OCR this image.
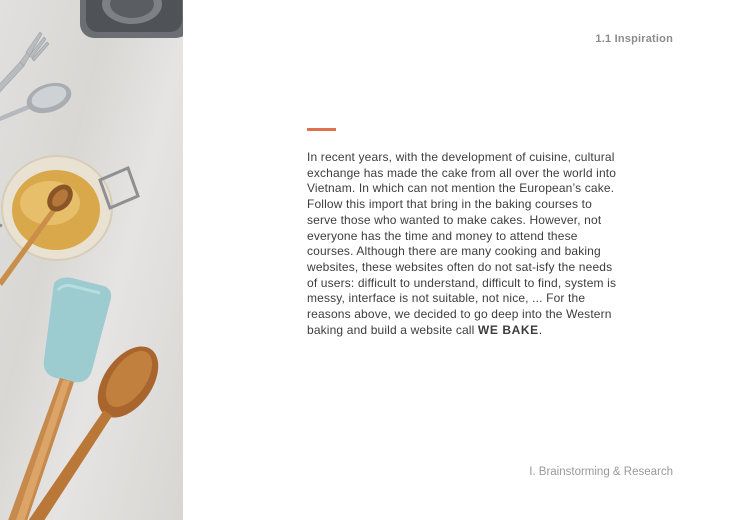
1.1 Inspiration

In recent years, with the development of cuisine, cultural exchange has made the cake from all over the world into Vietnam. In which can not mention the European’s cake.

Follow this import that bring in the baking courses to serve those who wanted to make cakes. However, not everyone has the time and money to attend these courses. Although there are many cooking and baking websites, these websites often do not sat-isfy the needs of users: difficult to understand, difficult to find, system is messy, interface is not suitable, not nice, ... For the reasons above, we decided to go deep into the Western baking and build a website call WE BAKE.

I. Brainstorming & Research
